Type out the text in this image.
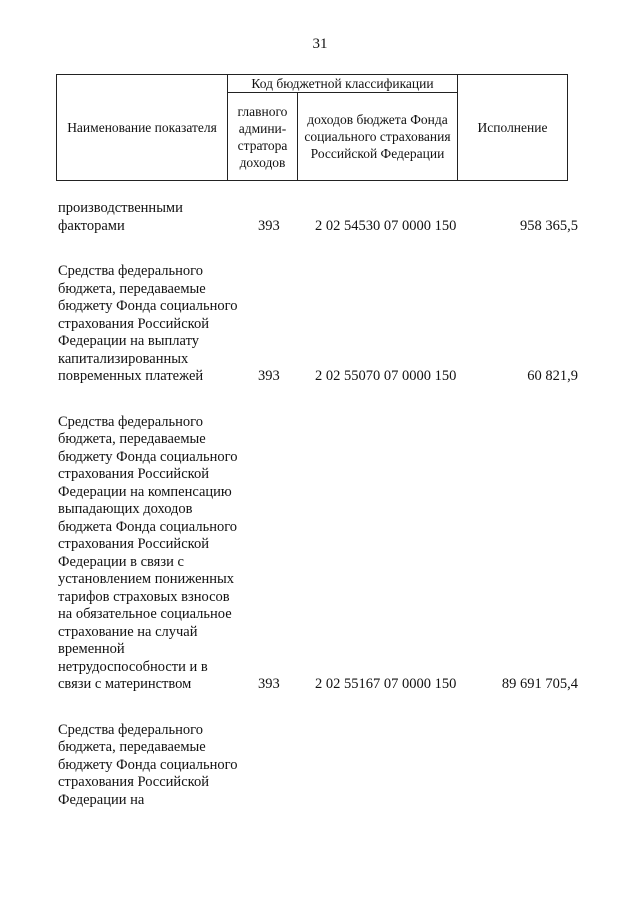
31
Наименование показателя	Код бюджетной классификации		Исполнение
	главного админи-стратора доходов	доходов бюджета Фонда социального страхования Российской Федерации	
производственными факторами	393 2 02 54530 07 0000 150	958 365,5
Средства федерального бюджета, передаваемые бюджету Фонда социального страхования Российской Федерации на выплату капитализированных повременных платежей	393 2 02 55070 07 0000 150	60 821,9
Средства федерального бюджета, передаваемые бюджету Фонда социального страхования Российской Федерации на компенсацию выпадающих доходов бюджета Фонда социального страхования Российской Федерации в связи с установлением пониженных тарифов страховых взносов на обязательное социальное страхование на случай временной нетрудоспособности и в связи с материнством	393 2 02 55167 07 0000 150	89 691 705,4
Средства федерального бюджета, передаваемые бюджету Фонда социального страхования Российской Федерации на
